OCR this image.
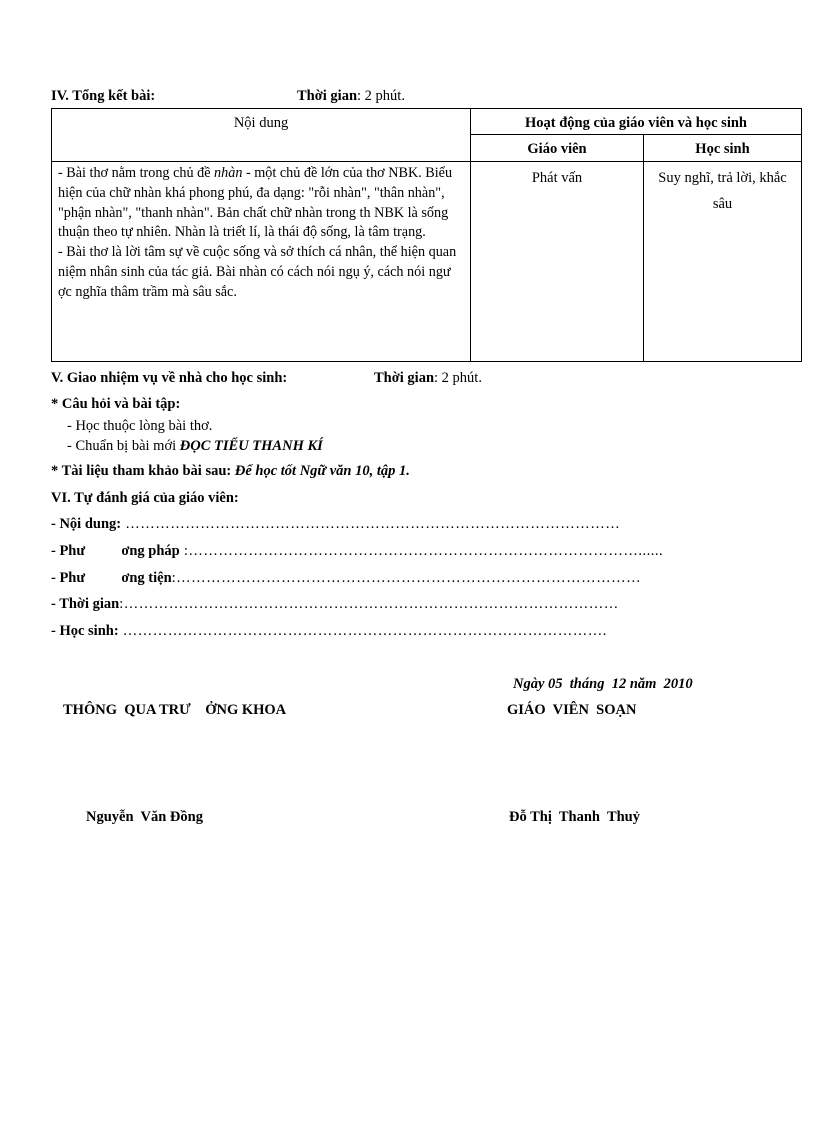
IV. Tổng kết bài:	Thời gian: 2 phút.
Nội dung	Hoạt động của giáo viên và học sinh	
	Giáo viên	Học sinh

- Bài thơ nằm trong chủ đề nhàn - một chủ đề lớn của thơ NBK. Biểu hiện của chữ nhàn khá phong phú, đa dạng: "rỗi nhàn", "thân nhàn", "phận nhàn", "thanh nhàn". Bản chất chữ nhàn trong th NBK là sống thuận theo tự nhiên. Nhàn là triết lí, là thái độ sống, là tâm trạng.
- Bài thơ là lời tâm sự về cuộc sống và sở thích cá nhân, thể hiện quan niệm nhân sinh của tác giả. Bài nhàn có cách nói ngụ ý, cách nói ngư ợc nghĩa thâm trầm mà sâu sắc.	Phát vấn	Suy nghĩ, trả lời, khắc sâu
V. Giao nhiệm vụ về nhà cho học sinh:	Thời gian: 2 phút.
* Câu hỏi và bài tập:
- Học thuộc lòng bài thơ.
- Chuẩn bị bài mới ĐỌC TIỂU THANH KÍ
* Tài liệu tham khảo bài sau: Để học tốt Ngữ văn 10, tập 1.
VI. Tự đánh giá của giáo viên:
- Nội dung: ………………………………………………………………………………………
- Phư          ơng pháp :………………………………………………………………………………......
- Phư          ơng tiện:…………………………………………………………………………………
- Thời gian:………………………………………………………………………………………
- Học sinh: …………………………………………………………………………………….
Ngày 05  tháng  12 năm  2010
THÔNG  QUA TRƯ    ỞNG KHOA	GIÁO  VIÊN  SOẠN
Nguyễn  Văn Đồng	Đỗ Thị  Thanh  Thuỷ
